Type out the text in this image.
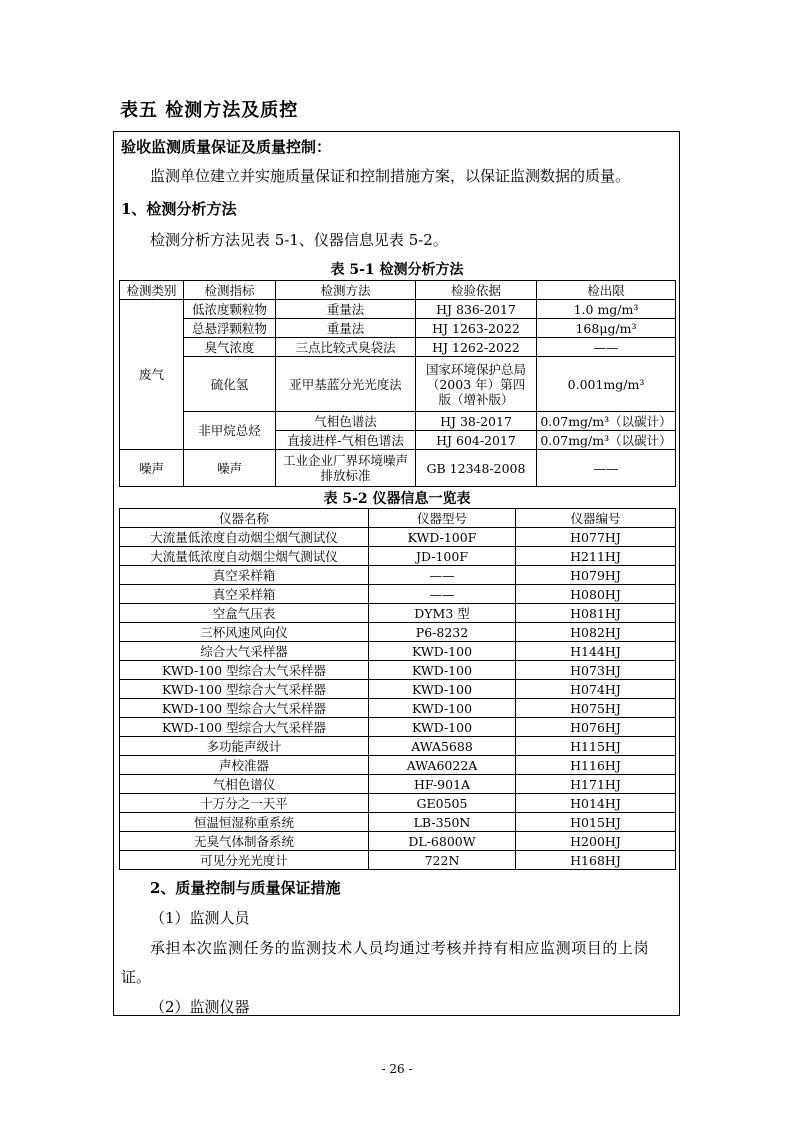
表五 检测方法及质控
验收监测质量保证及质量控制：
监测单位建立并实施质量保证和控制措施方案，以保证监测数据的质量。
1、检测分析方法
检测分析方法见表 5-1、仪器信息见表 5-2。
表 5-1 检测分析方法
检测类别	检测指标	检测方法	检验依据	检出限
废气	低浓度颗粒物	重量法	HJ 836-2017	1.0 mg/m³
	总悬浮颗粒物	重量法	HJ 1263-2022	168μg/m³
	臭气浓度	三点比较式臭袋法	HJ 1262-2022	——
	硫化氢	亚甲基蓝分光光度法	国家环境保护总局（2003 年）第四版（增补版）	0.001mg/m³
	非甲烷总烃	气相色谱法	HJ 38-2017	0.07mg/m³（以碳计）
		直接进样-气相色谱法	HJ 604-2017	0.07mg/m³（以碳计）
噪声	噪声	工业企业厂界环境噪声排放标准	GB 12348-2008	——
表 5-2 仪器信息一览表
仪器名称	仪器型号	仪器编号
大流量低浓度自动烟尘烟气测试仪	KWD-100F	H077HJ
大流量低浓度自动烟尘烟气测试仪	JD-100F	H211HJ
真空采样箱	——	H079HJ
真空采样箱	——	H080HJ
空盒气压表	DYM3 型	H081HJ
三杯风速风向仪	P6-8232	H082HJ
综合大气采样器	KWD-100	H144HJ
KWD-100 型综合大气采样器	KWD-100	H073HJ
KWD-100 型综合大气采样器	KWD-100	H074HJ
KWD-100 型综合大气采样器	KWD-100	H075HJ
KWD-100 型综合大气采样器	KWD-100	H076HJ
多功能声级计	AWA5688	H115HJ
声校准器	AWA6022A	H116HJ
气相色谱仪	HF-901A	H171HJ
十万分之一天平	GE0505	H014HJ
恒温恒湿称重系统	LB-350N	H015HJ
无臭气体制备系统	DL-6800W	H200HJ
可见分光光度计	722N	H168HJ
2、质量控制与质量保证措施
（1）监测人员
承担本次监测任务的监测技术人员均通过考核并持有相应监测项目的上岗
证。
（2）监测仪器
- 26 -
